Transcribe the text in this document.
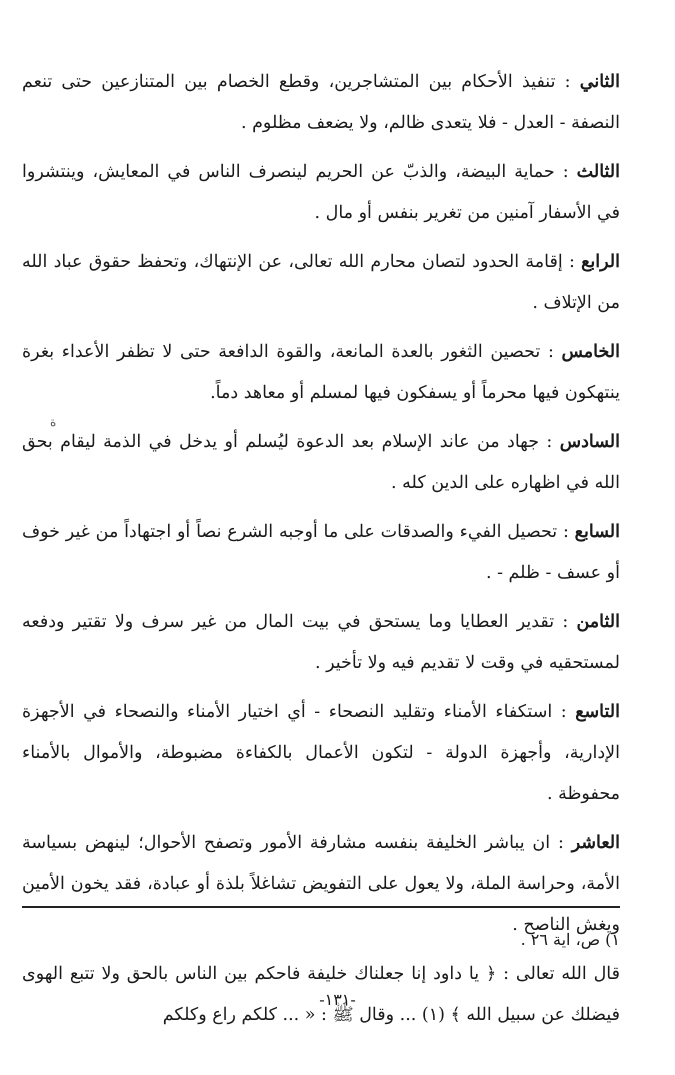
الثاني : تنفيذ الأحكام بين المتشاجرين، وقطع الخصام بين المتنازعين حتى تنعم النصفة - العدل - فلا يتعدى ظالم، ولا يضعف مظلوم .

الثالث : حماية البيضة، والذبّ عن الحريم لينصرف الناس في المعايش، وينتشروا في الأسفار آمنين من تغرير بنفس أو مال .

الرابع : إقامة الحدود لتصان محارم الله تعالى، عن الإنتهاك، وتحفظ حقوق عباد الله من الإتلاف .

الخامس : تحصين الثغور بالعدة المانعة، والقوة الدافعة حتى لا تظفر الأعداء بغرة ينتهكون فيها محرماً أو يسفكون فيها لمسلم أو معاهد دماً.

السادس : جهاد من عاند الإسلام بعد الدعوة ليُسلم أو يدخل في الذمة ليقام بحق الله في اظهاره على الدين كله .

السابع : تحصيل الفيء والصدقات على ما أوجبه الشرع نصاً أو اجتهاداً من غير خوف أو عسف - ظلم - .

الثامن : تقدير العطايا وما يستحق في بيت المال من غير سرف ولا تقتير ودفعه لمستحقيه في وقت لا تقديم فيه ولا تأخير .

التاسع : استكفاء الأمناء وتقليد النصحاء - أي اختيار الأمناء والنصحاء في الأجهزة الإدارية، وأجهزة الدولة - لتكون الأعمال بالكفاءة مضبوطة، والأموال بالأمناء محفوظة .

العاشر : ان يباشر الخليفة بنفسه مشارفة الأمور وتصفح الأحوال؛ لينهض بسياسة الأمة، وحراسة الملة، ولا يعول على التفويض تشاغلاً بلذة أو عبادة، فقد يخون الأمين ويغش الناصح .

قال الله تعالى : ﴿ يا داود إنا جعلناك خليفة فاحكم بين الناس بالحق ولا تتبع الهوى فيضلك عن سبيل الله ﴾ (١) ... وقال ﷺ : « ... كلكم راع وكلكم

ة
١) ص، اية ٢٦ .
-١٣١-
